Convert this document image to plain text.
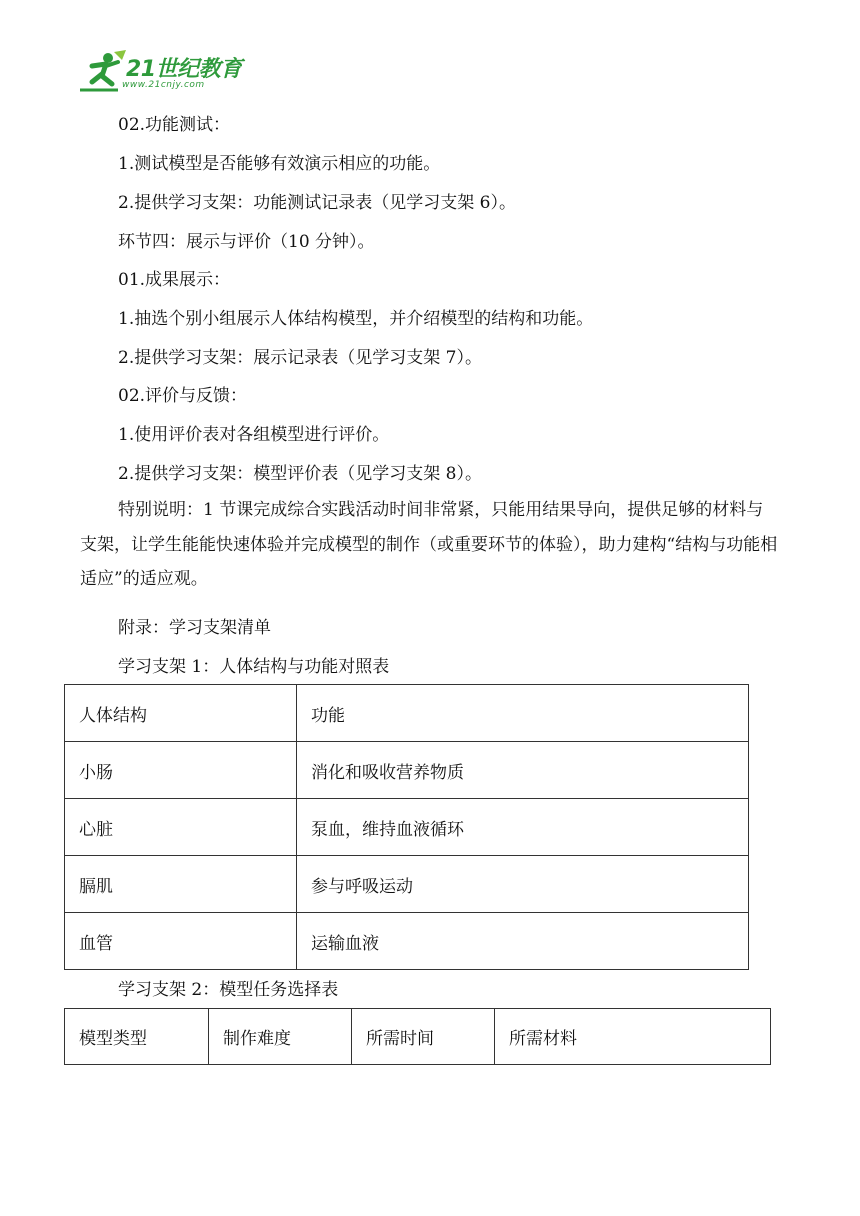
21世纪教育
www.21cnjy.com
02.功能测试：
1.测试模型是否能够有效演示相应的功能。
2.提供学习支架：功能测试记录表（见学习支架 6）。
环节四：展示与评价（10 分钟）。
01.成果展示：
1.抽选个别小组展示人体结构模型，并介绍模型的结构和功能。
2.提供学习支架：展示记录表（见学习支架 7）。
02.评价与反馈：
1.使用评价表对各组模型进行评价。
2.提供学习支架：模型评价表（见学习支架 8）。
特别说明：1 节课完成综合实践活动时间非常紧，只能用结果导向，提供足够的材料与支架，让学生能能快速体验并完成模型的制作（或重要环节的体验），助力建构“结构与功能相适应”的适应观。
附录：学习支架清单
学习支架 1：人体结构与功能对照表
人体结构	功能
小肠	消化和吸收营养物质
心脏	泵血，维持血液循环
膈肌	参与呼吸运动
血管	运输血液
学习支架 2：模型任务选择表
模型类型	制作难度	所需时间	所需材料
